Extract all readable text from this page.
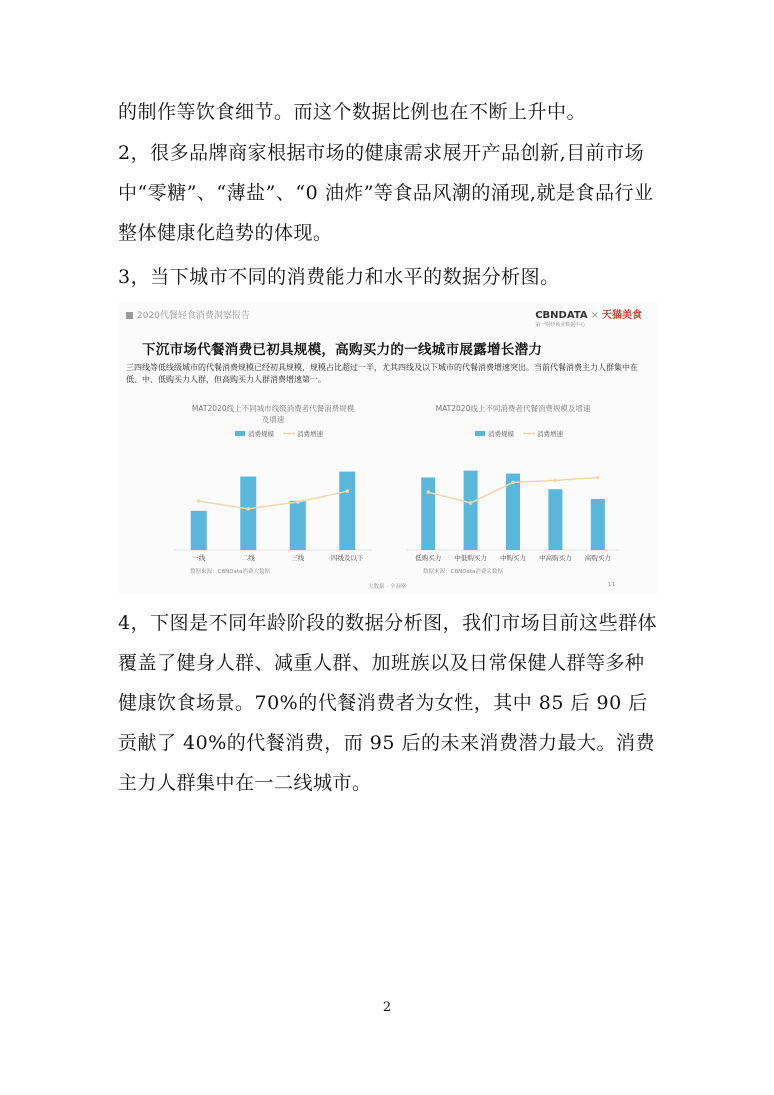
的制作等饮食细节。而这个数据比例也在不断上升中。
2，很多品牌商家根据市场的健康需求展开产品创新,目前市场中“零糖”、“薄盐”、“0 油炸”等食品风潮的涌现,就是食品行业整体健康化趋势的体现。
3，当下城市不同的消费能力和水平的数据分析图。
2020代餐轻食消费洞察报告	CBNDATA × 天猫美食
第一财经商业数据中心
下沉市场代餐消费已初具规模，高购买力的一线城市展露增长潜力
三四线等低线级城市的代餐消费规模已经初具规模，规模占比超过一半，尤其四线及以下城市的代餐消费增速突出。当前代餐消费主力人群集中在低、中、低购买力人群，但高购买力人群消费增速第一。
MAT2020线上不同城市线级消费者代餐消费规模及增速
消费规模	消费增速
一线	二线	三线	四线及以下
数据来源：CBNData消费大数据
MAT2020线上不同消费者代餐消费规模及增速
消费规模	消费增速
低购买力 中低购买力 中购买力 中高购买力 高购买力
数据来源：CBNData消费大数据
大数据 · 全洞察	11
4，下图是不同年龄阶段的数据分析图，我们市场目前这些群体覆盖了健身人群、减重人群、加班族以及日常保健人群等多种健康饮食场景。70%的代餐消费者为女性，其中 85 后 90 后贡献了 40%的代餐消费，而 95 后的未来消费潜力最大。消费主力人群集中在一二线城市。
2
